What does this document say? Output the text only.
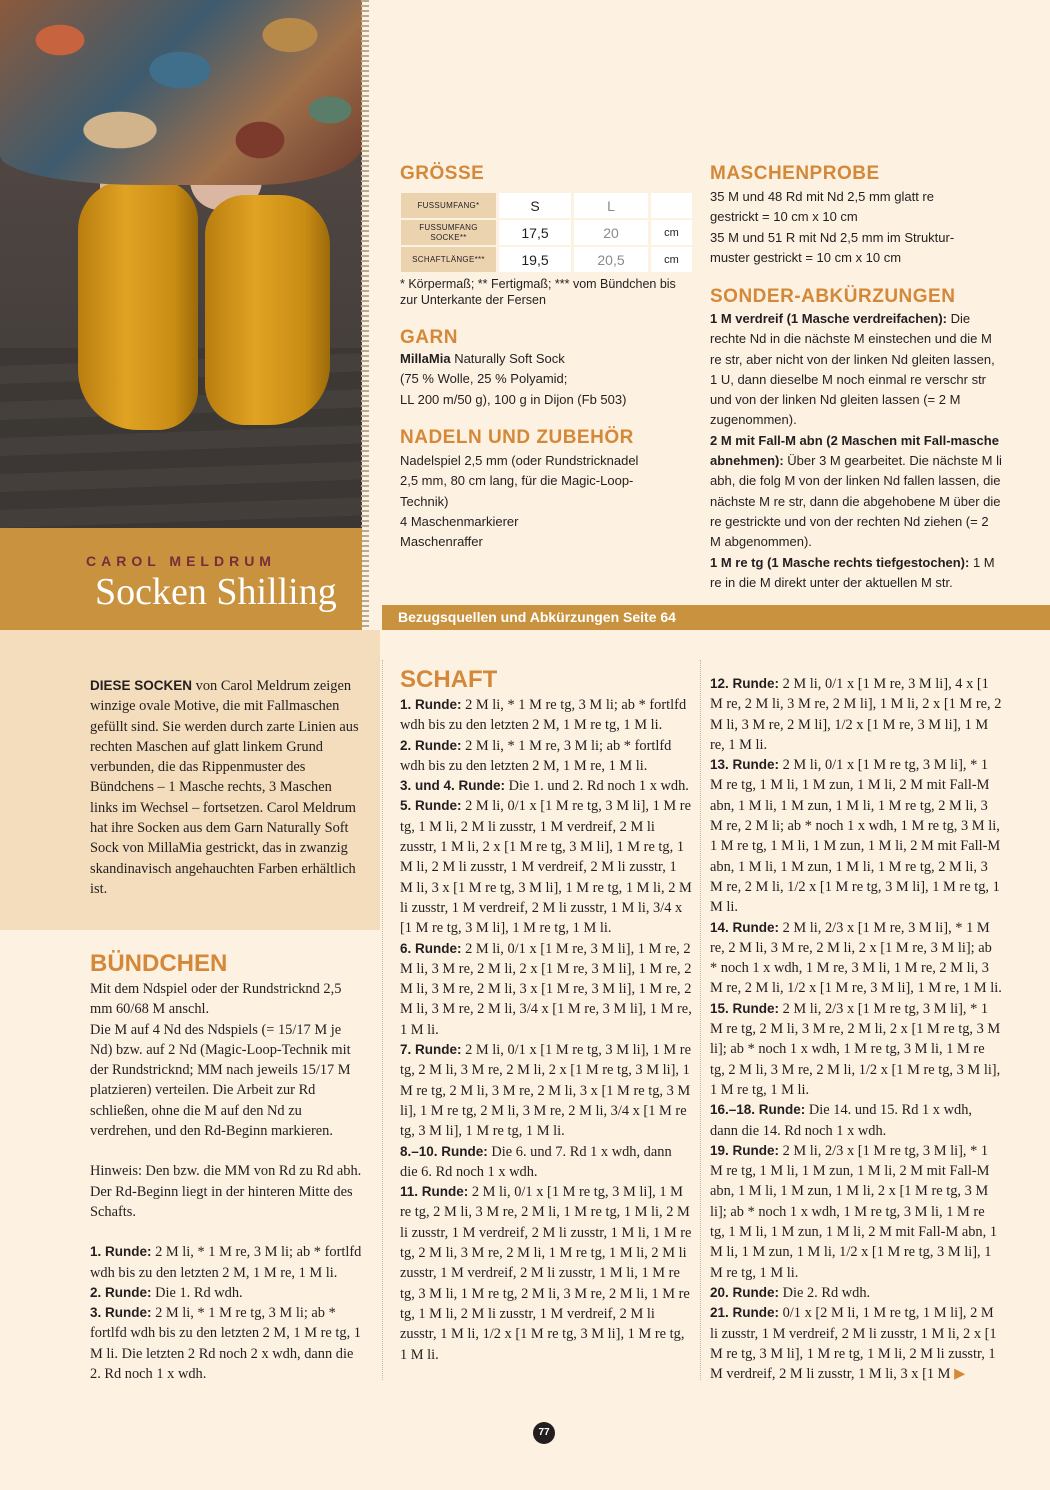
CAROL MELDRUM
Socken Shilling
GRÖSSE
FUSSUMFANG*	S	L	
FUSSUMFANG SOCKE**	17,5	20	cm
SCHAFTLÄNGE***	19,5	20,5	cm
* Körpermaß; ** Fertigmaß; *** vom Bündchen bis zur Unterkante der Fersen
GARN
MillaMia Naturally Soft Sock
(75 % Wolle, 25 % Polyamid;
LL 200 m/50 g), 100 g in Dijon (Fb 503)
NADELN UND ZUBEHÖR
Nadelspiel 2,5 mm (oder Rundstricknadel
2,5 mm, 80 cm lang, für die Magic-Loop-
Technik)
4 Maschenmarkierer
Maschenraffer
MASCHENPROBE
35 M und 48 Rd mit Nd 2,5 mm glatt re
gestrickt = 10 cm x 10 cm
35 M und 51 R mit Nd 2,5 mm im Struktur-
muster gestrickt = 10 cm x 10 cm
SONDER-ABKÜRZUNGEN

1 M verdreif (1 Masche verdreifachen): Die rechte Nd in die nächste M einstechen und die M re str, aber nicht von der linken Nd gleiten lassen, 1 U, dann dieselbe M noch einmal re verschr str und von der linken Nd gleiten lassen (= 2 M zugenommen).

2 M mit Fall-M abn (2 Maschen mit Fall-masche abnehmen): Über 3 M gearbeitet. Die nächste M li abh, die folg M von der linken Nd fallen lassen, die nächste M re str, dann die abgehobene M über die re gestrickte und von der rechten Nd ziehen (= 2 M abgenommen).

1 M re tg (1 Masche rechts tiefgestochen): 1 M re in die M direkt unter der aktuellen M str.

Bezugsquellen und Abkürzungen Seite 64
DIESE SOCKEN von Carol Meldrum zeigen winzige ovale Motive, die mit Fallmaschen gefüllt sind. Sie werden durch zarte Linien aus rechten Maschen auf glatt linkem Grund verbunden, die das Rippenmuster des Bündchens – 1 Masche rechts, 3 Maschen links im Wechsel – fortsetzen. Carol Meldrum hat ihre Socken aus dem Garn Naturally Soft Sock von MillaMia gestrickt, das in zwanzig skandinavisch angehauchten Farben erhältlich ist.
BÜNDCHEN

Mit dem Ndspiel oder der Rundstricknd 2,5 mm 60/68 M anschl.

Die M auf 4 Nd des Ndspiels (= 15/17 M je Nd) bzw. auf 2 Nd (Magic-Loop-Technik mit der Rundstricknd; MM nach jeweils 15/17 M platzieren) verteilen. Die Arbeit zur Rd schließen, ohne die M auf den Nd zu verdrehen, und den Rd-Beginn markieren.

Hinweis: Den bzw. die MM von Rd zu Rd abh. Der Rd-Beginn liegt in der hinteren Mitte des Schafts.

1. Runde: 2 M li, * 1 M re, 3 M li; ab * fortlfd wdh bis zu den letzten 2 M, 1 M re, 1 M li.

2. Runde: Die 1. Rd wdh.

3. Runde: 2 M li, * 1 M re tg, 3 M li; ab * fortlfd wdh bis zu den letzten 2 M, 1 M re tg, 1 M li. Die letzten 2 Rd noch 2 x wdh, dann die 2. Rd noch 1 x wdh.

SCHAFT

1. Runde: 2 M li, * 1 M re tg, 3 M li; ab * fortlfd wdh bis zu den letzten 2 M, 1 M re tg, 1 M li.

2. Runde: 2 M li, * 1 M re, 3 M li; ab * fortlfd wdh bis zu den letzten 2 M, 1 M re, 1 M li.

3. und 4. Runde: Die 1. und 2. Rd noch 1 x wdh.

5. Runde: 2 M li, 0/1 x [1 M re tg, 3 M li], 1 M re tg, 1 M li, 2 M li zusstr, 1 M verdreif, 2 M li zusstr, 1 M li, 2 x [1 M re tg, 3 M li], 1 M re tg, 1 M li, 2 M li zusstr, 1 M verdreif, 2 M li zusstr, 1 M li, 3 x [1 M re tg, 3 M li], 1 M re tg, 1 M li, 2 M li zusstr, 1 M verdreif, 2 M li zusstr, 1 M li, 3/4 x [1 M re tg, 3 M li], 1 M re tg, 1 M li.

6. Runde: 2 M li, 0/1 x [1 M re, 3 M li], 1 M re, 2 M li, 3 M re, 2 M li, 2 x [1 M re, 3 M li], 1 M re, 2 M li, 3 M re, 2 M li, 3 x [1 M re, 3 M li], 1 M re, 2 M li, 3 M re, 2 M li, 3/4 x [1 M re, 3 M li], 1 M re, 1 M li.

7. Runde: 2 M li, 0/1 x [1 M re tg, 3 M li], 1 M re tg, 2 M li, 3 M re, 2 M li, 2 x [1 M re tg, 3 M li], 1 M re tg, 2 M li, 3 M re, 2 M li, 3 x [1 M re tg, 3 M li], 1 M re tg, 2 M li, 3 M re, 2 M li, 3/4 x [1 M re tg, 3 M li], 1 M re tg, 1 M li.

8.–10. Runde: Die 6. und 7. Rd 1 x wdh, dann die 6. Rd noch 1 x wdh.

11. Runde: 2 M li, 0/1 x [1 M re tg, 3 M li], 1 M re tg, 2 M li, 3 M re, 2 M li, 1 M re tg, 1 M li, 2 M li zusstr, 1 M verdreif, 2 M li zusstr, 1 M li, 1 M re tg, 2 M li, 3 M re, 2 M li, 1 M re tg, 1 M li, 2 M li zusstr, 1 M verdreif, 2 M li zusstr, 1 M li, 1 M re tg, 3 M li, 1 M re tg, 2 M li, 3 M re, 2 M li, 1 M re tg, 1 M li, 2 M li zusstr, 1 M verdreif, 2 M li zusstr, 1 M li, 1/2 x [1 M re tg, 3 M li], 1 M re tg, 1 M li.

12. Runde: 2 M li, 0/1 x [1 M re, 3 M li], 4 x [1 M re, 2 M li, 3 M re, 2 M li], 1 M li, 2 x [1 M re, 2 M li, 3 M re, 2 M li], 1/2 x [1 M re, 3 M li], 1 M re, 1 M li.

13. Runde: 2 M li, 0/1 x [1 M re tg, 3 M li], * 1 M re tg, 1 M li, 1 M zun, 1 M li, 2 M mit Fall-M abn, 1 M li, 1 M zun, 1 M li, 1 M re tg, 2 M li, 3 M re, 2 M li; ab * noch 1 x wdh, 1 M re tg, 3 M li, 1 M re tg, 1 M li, 1 M zun, 1 M li, 2 M mit Fall-M abn, 1 M li, 1 M zun, 1 M li, 1 M re tg, 2 M li, 3 M re, 2 M li, 1/2 x [1 M re tg, 3 M li], 1 M re tg, 1 M li.

14. Runde: 2 M li, 2/3 x [1 M re, 3 M li], * 1 M re, 2 M li, 3 M re, 2 M li, 2 x [1 M re, 3 M li]; ab * noch 1 x wdh, 1 M re, 3 M li, 1 M re, 2 M li, 3 M re, 2 M li, 1/2 x [1 M re, 3 M li], 1 M re, 1 M li.

15. Runde: 2 M li, 2/3 x [1 M re tg, 3 M li], * 1 M re tg, 2 M li, 3 M re, 2 M li, 2 x [1 M re tg, 3 M li]; ab * noch 1 x wdh, 1 M re tg, 3 M li, 1 M re tg, 2 M li, 3 M re, 2 M li, 1/2 x [1 M re tg, 3 M li], 1 M re tg, 1 M li.

16.–18. Runde: Die 14. und 15. Rd 1 x wdh, dann die 14. Rd noch 1 x wdh.

19. Runde: 2 M li, 2/3 x [1 M re tg, 3 M li], * 1 M re tg, 1 M li, 1 M zun, 1 M li, 2 M mit Fall-M abn, 1 M li, 1 M zun, 1 M li, 2 x [1 M re tg, 3 M li]; ab * noch 1 x wdh, 1 M re tg, 3 M li, 1 M re tg, 1 M li, 1 M zun, 1 M li, 2 M mit Fall-M abn, 1 M li, 1 M zun, 1 M li, 1/2 x [1 M re tg, 3 M li], 1 M re tg, 1 M li.

20. Runde: Die 2. Rd wdh.

21. Runde: 0/1 x [2 M li, 1 M re tg, 1 M li], 2 M li zusstr, 1 M verdreif, 2 M li zusstr, 1 M li, 2 x [1 M re tg, 3 M li], 1 M re tg, 1 M li, 2 M li zusstr, 1 M verdreif, 2 M li zusstr, 1 M li, 3 x [1 M ▶

77
